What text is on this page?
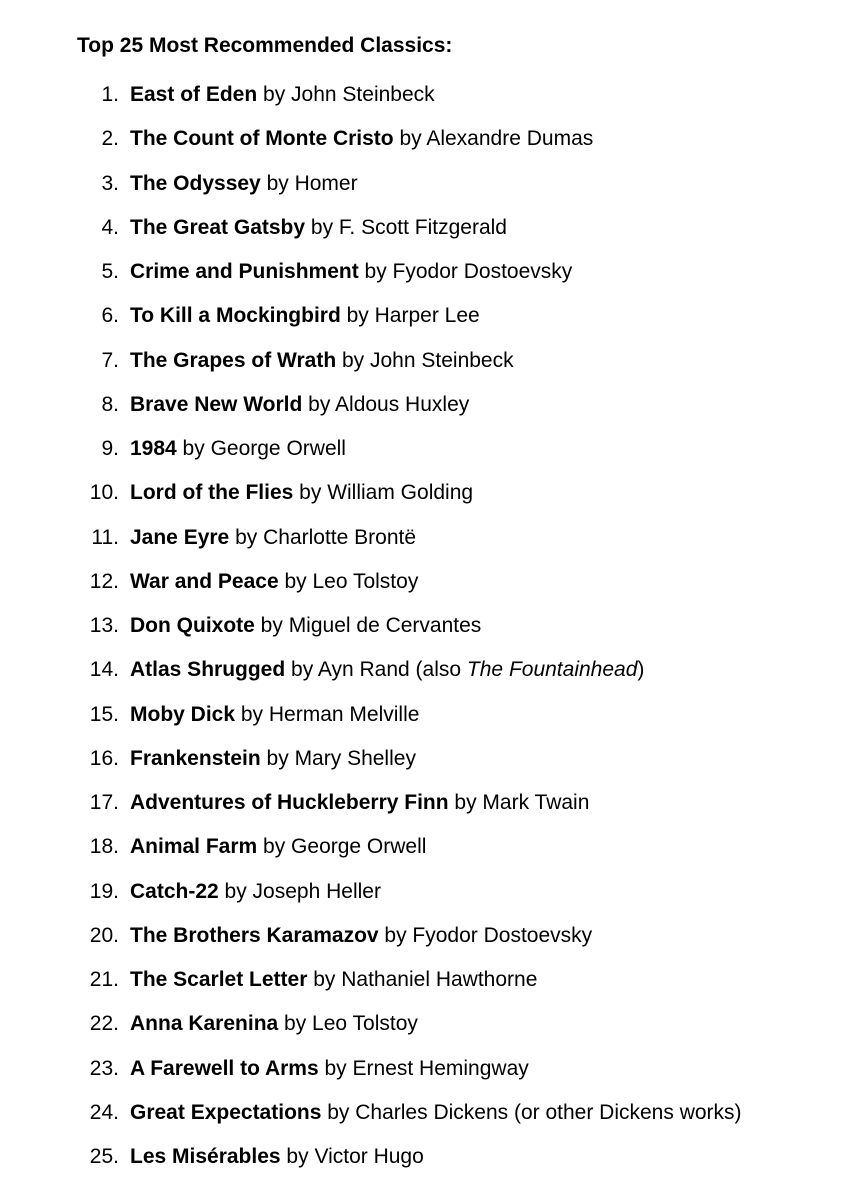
Top 25 Most Recommended Classics:
1. East of Eden by John Steinbeck
2. The Count of Monte Cristo by Alexandre Dumas
3. The Odyssey by Homer
4. The Great Gatsby by F. Scott Fitzgerald
5. Crime and Punishment by Fyodor Dostoevsky
6. To Kill a Mockingbird by Harper Lee
7. The Grapes of Wrath by John Steinbeck
8. Brave New World by Aldous Huxley
9. 1984 by George Orwell
10. Lord of the Flies by William Golding
11. Jane Eyre by Charlotte Brontë
12. War and Peace by Leo Tolstoy
13. Don Quixote by Miguel de Cervantes
14. Atlas Shrugged by Ayn Rand (also The Fountainhead)
15. Moby Dick by Herman Melville
16. Frankenstein by Mary Shelley
17. Adventures of Huckleberry Finn by Mark Twain
18. Animal Farm by George Orwell
19. Catch-22 by Joseph Heller
20. The Brothers Karamazov by Fyodor Dostoevsky
21. The Scarlet Letter by Nathaniel Hawthorne
22. Anna Karenina by Leo Tolstoy
23. A Farewell to Arms by Ernest Hemingway
24. Great Expectations by Charles Dickens (or other Dickens works)
25. Les Misérables by Victor Hugo
